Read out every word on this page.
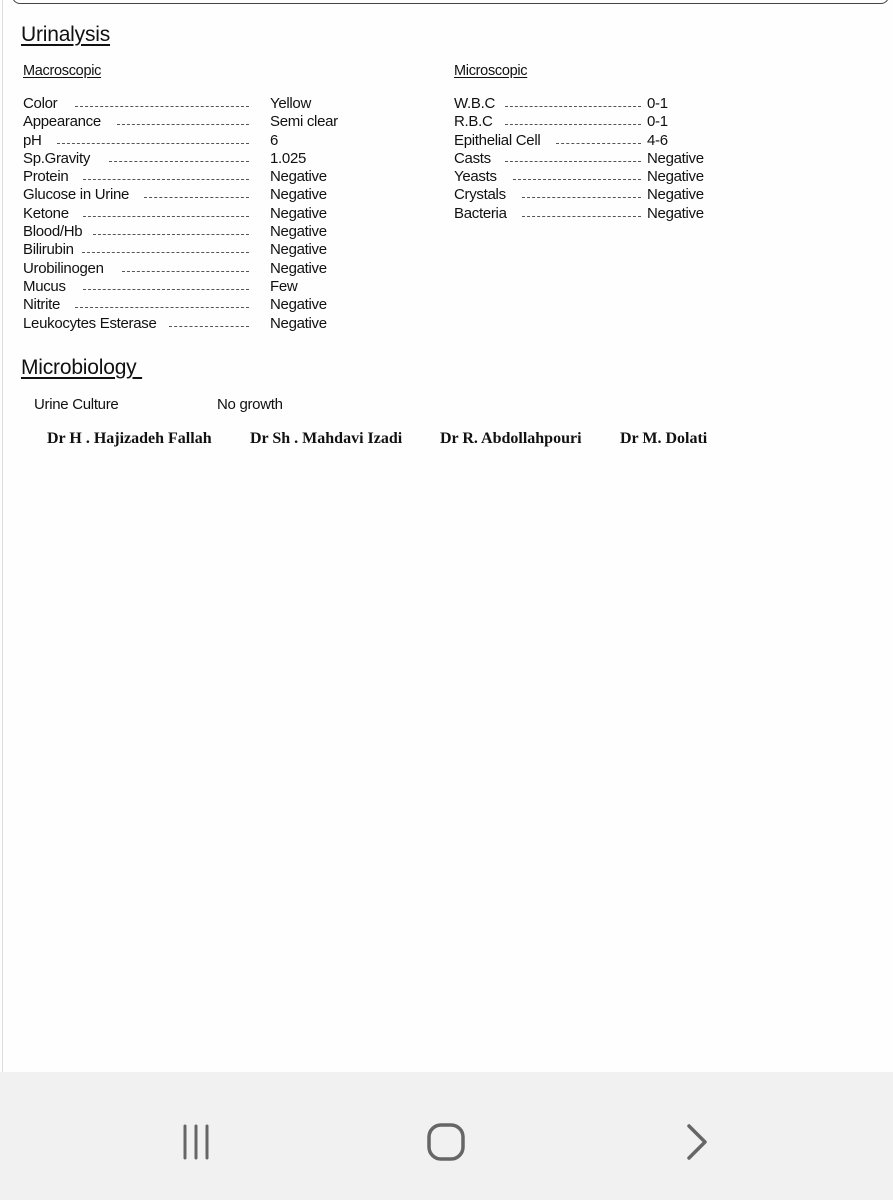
Urinalysis
Macroscopic	Microscopic
Color	Yellow
Appearance	Semi clear
pH	6
Sp.Gravity	1.025
Protein	Negative
Glucose in Urine	Negative
Ketone	Negative
Blood/Hb	Negative
Bilirubin	Negative
Urobilinogen	Negative
Mucus	Few
Nitrite	Negative
Leukocytes Esterase	Negative
W.B.C	0-1
R.B.C	0-1
Epithelial Cell	4-6
Casts	Negative
Yeasts	Negative
Crystals	Negative
Bacteria	Negative
Microbiology
Urine Culture	No growth
Dr H . Hajizadeh Fallah Dr Sh . Mahdavi Izadi Dr R. Abdollahpouri Dr M. Dolati
